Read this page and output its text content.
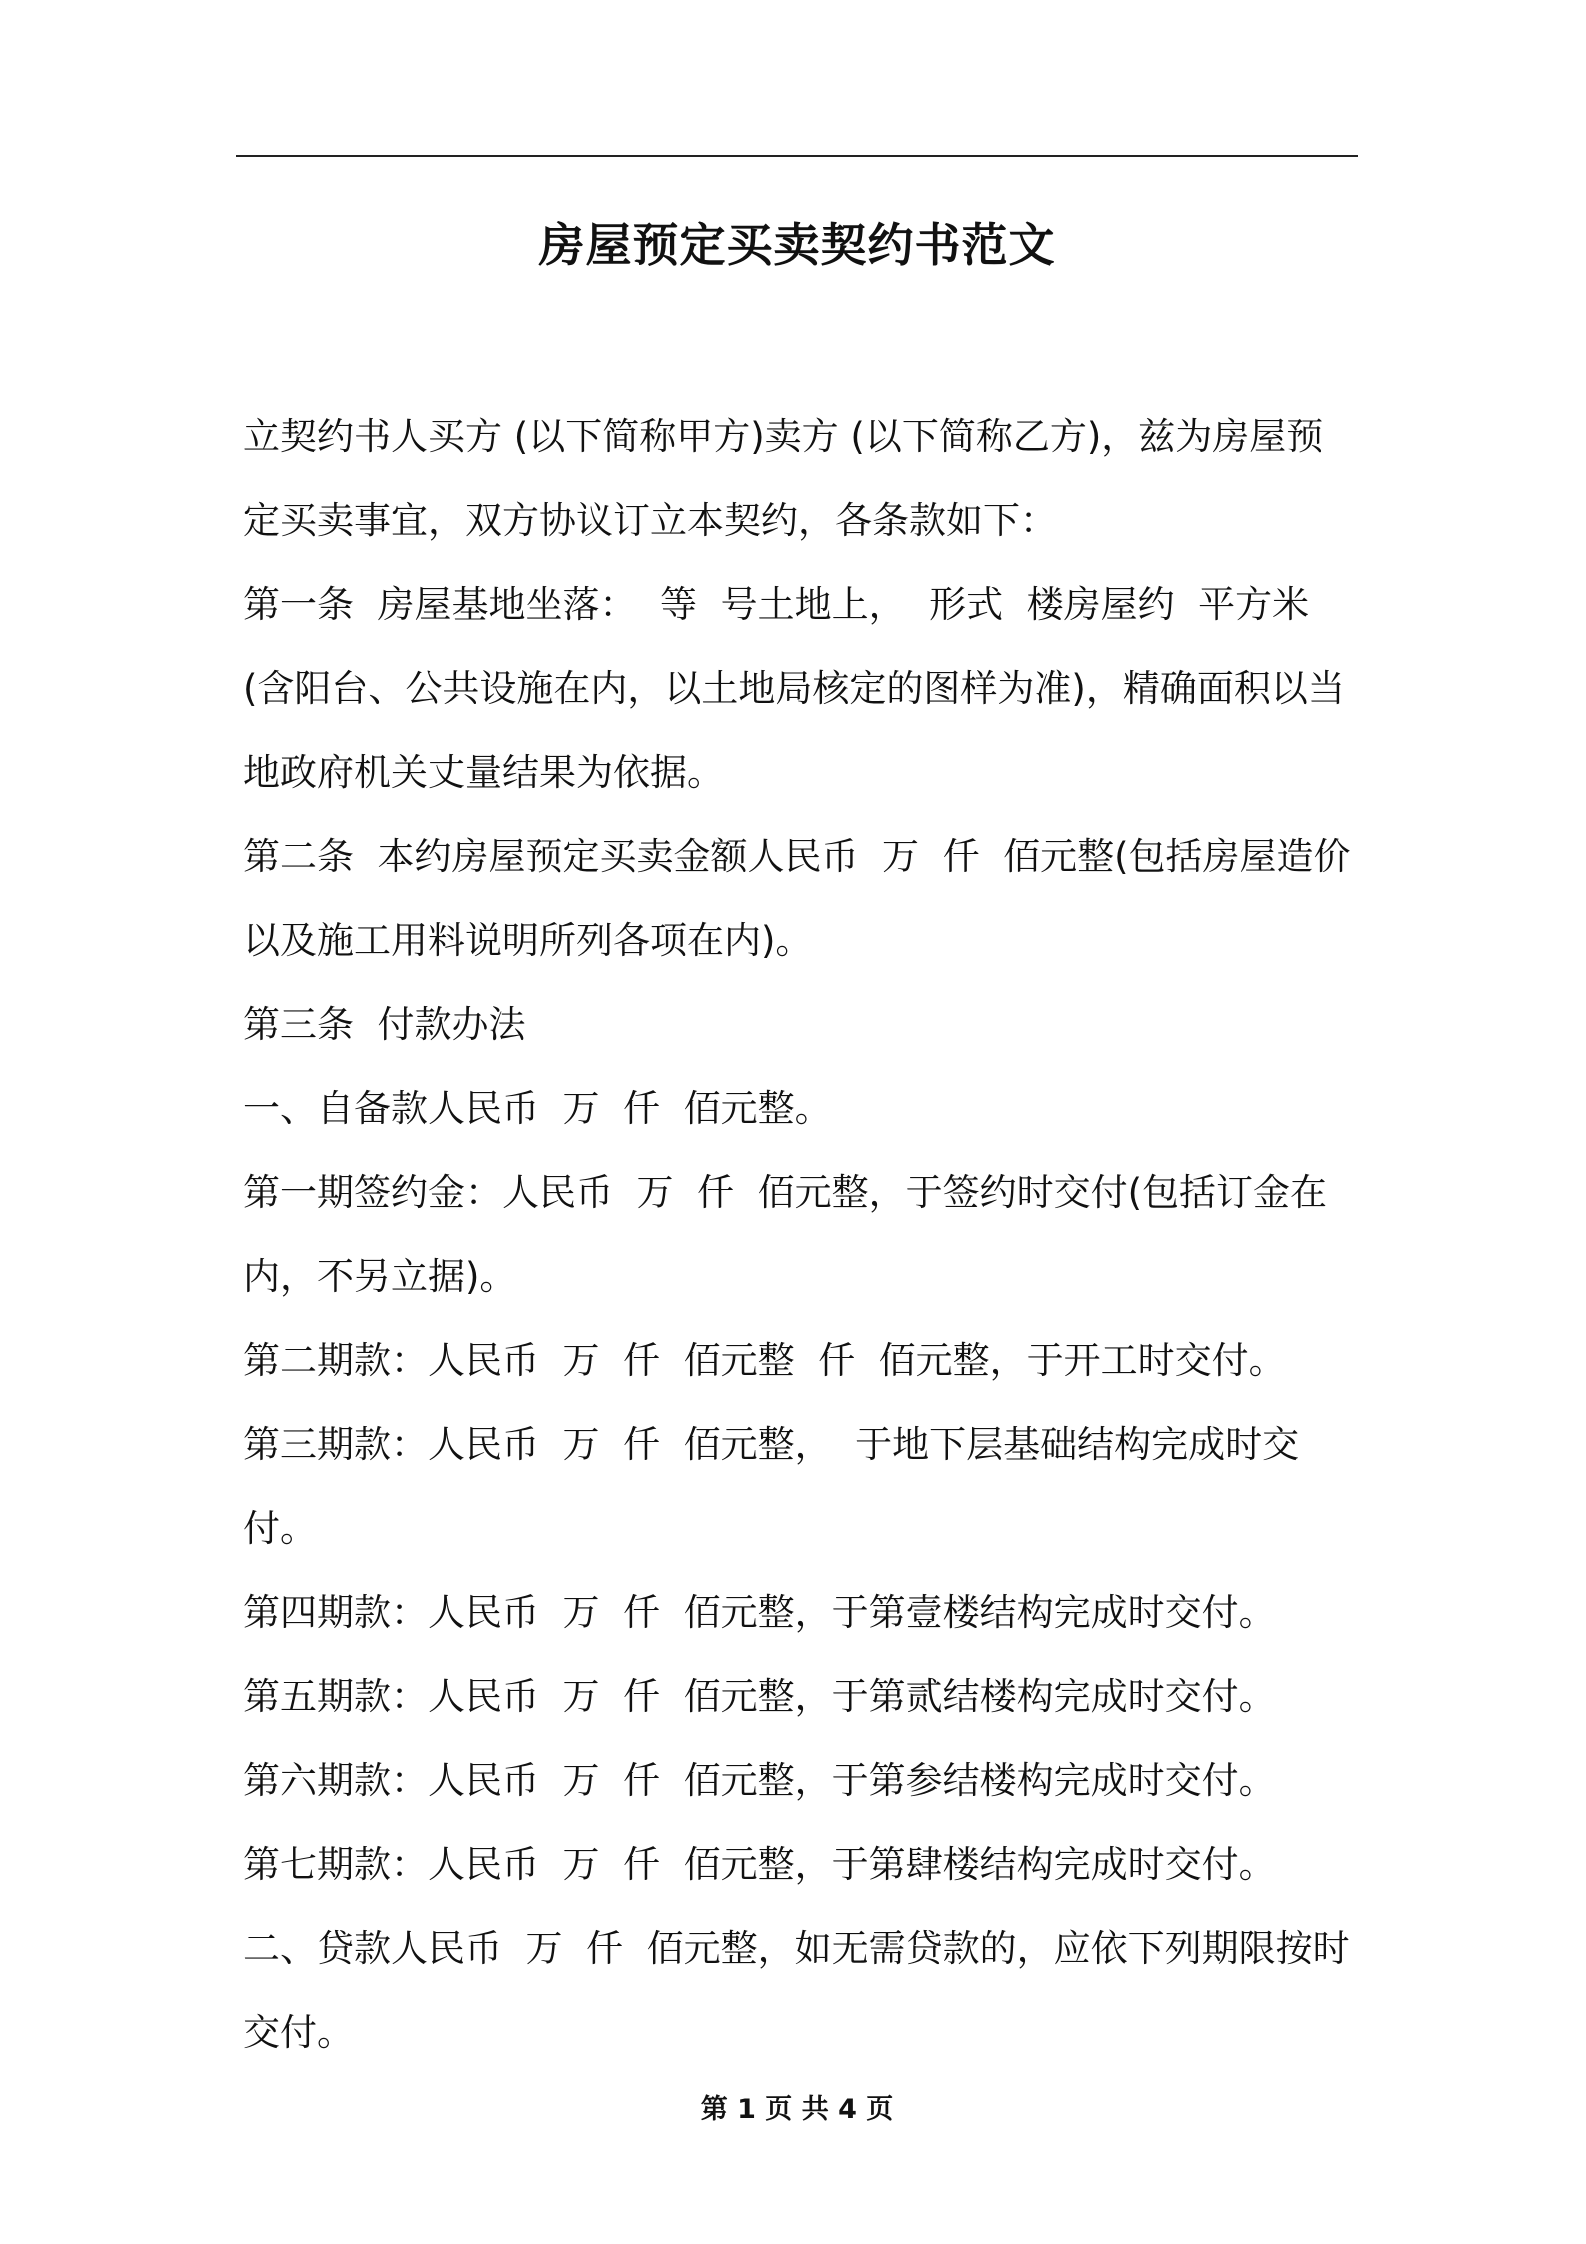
房屋预定买卖契约书范文

立契约书人买方 (以下简称甲方)卖方 (以下简称乙方)，兹为房屋预定买卖事宜，双方协议订立本契约，各条款如下：

第一条  房屋基地坐落：  等  号土地上，  形式  楼房屋约  平方米(含阳台、公共设施在内，以土地局核定的图样为准)，精确面积以当地政府机关丈量结果为依据。

第二条  本约房屋预定买卖金额人民币  万  仟  佰元整(包括房屋造价以及施工用料说明所列各项在内)。

第三条  付款办法

一、自备款人民币  万  仟  佰元整。

第一期签约金：人民币  万  仟  佰元整，于签约时交付(包括订金在内，不另立据)。

第二期款：人民币  万  仟  佰元整  仟  佰元整，于开工时交付。

第三期款：人民币  万  仟  佰元整，  于地下层基础结构完成时交付。

第四期款：人民币  万  仟  佰元整，于第壹楼结构完成时交付。

第五期款：人民币  万  仟  佰元整，于第贰结楼构完成时交付。

第六期款：人民币  万  仟  佰元整，于第参结楼构完成时交付。

第七期款：人民币  万  仟  佰元整，于第肆楼结构完成时交付。

二、贷款人民币  万  仟  佰元整，如无需贷款的，应依下列期限按时交付。

第 1 页 共 4 页
